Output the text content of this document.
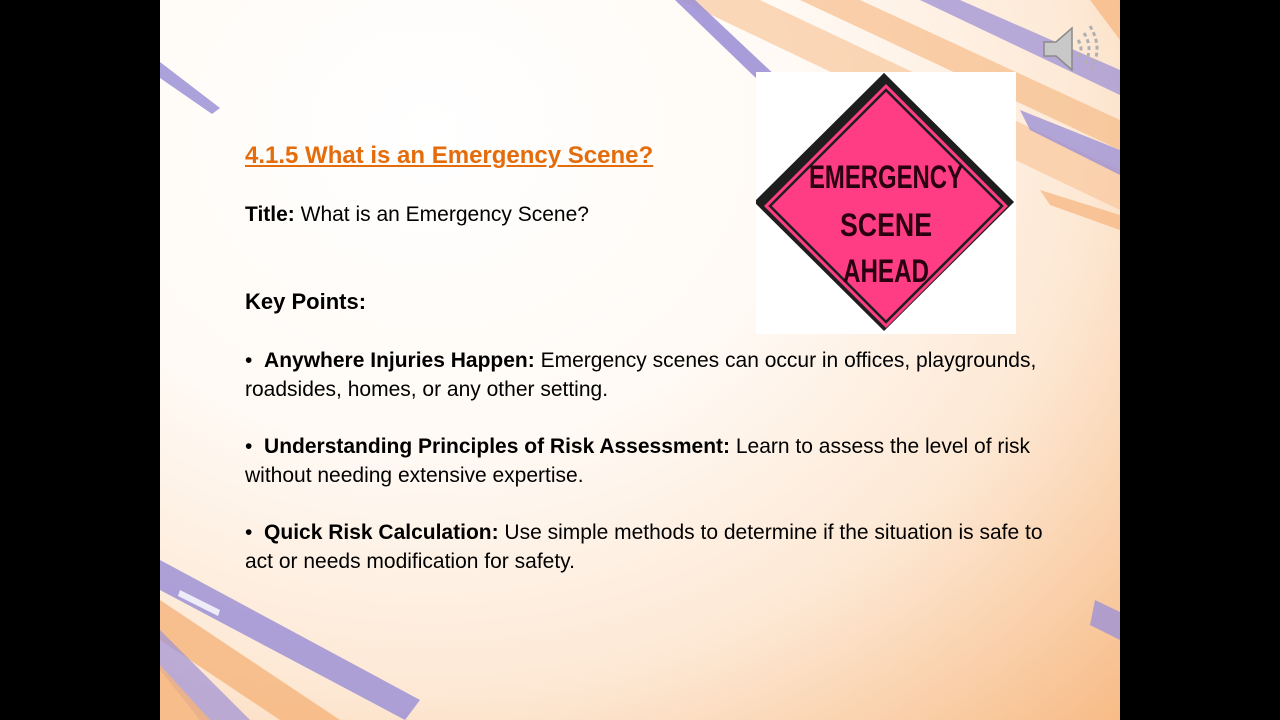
4.1.5 What is an Emergency Scene?
Title: What is an Emergency Scene?
Key Points:
•  Anywhere Injuries Happen: Emergency scenes can occur in offices, playgrounds, roadsides, homes, or any other setting.
•  Understanding Principles of Risk Assessment: Learn to assess the level of risk without needing extensive expertise.
•  Quick Risk Calculation: Use simple methods to determine if the situation is safe to act or needs modification for safety.
EMERGENCY
SCENE
AHEAD
